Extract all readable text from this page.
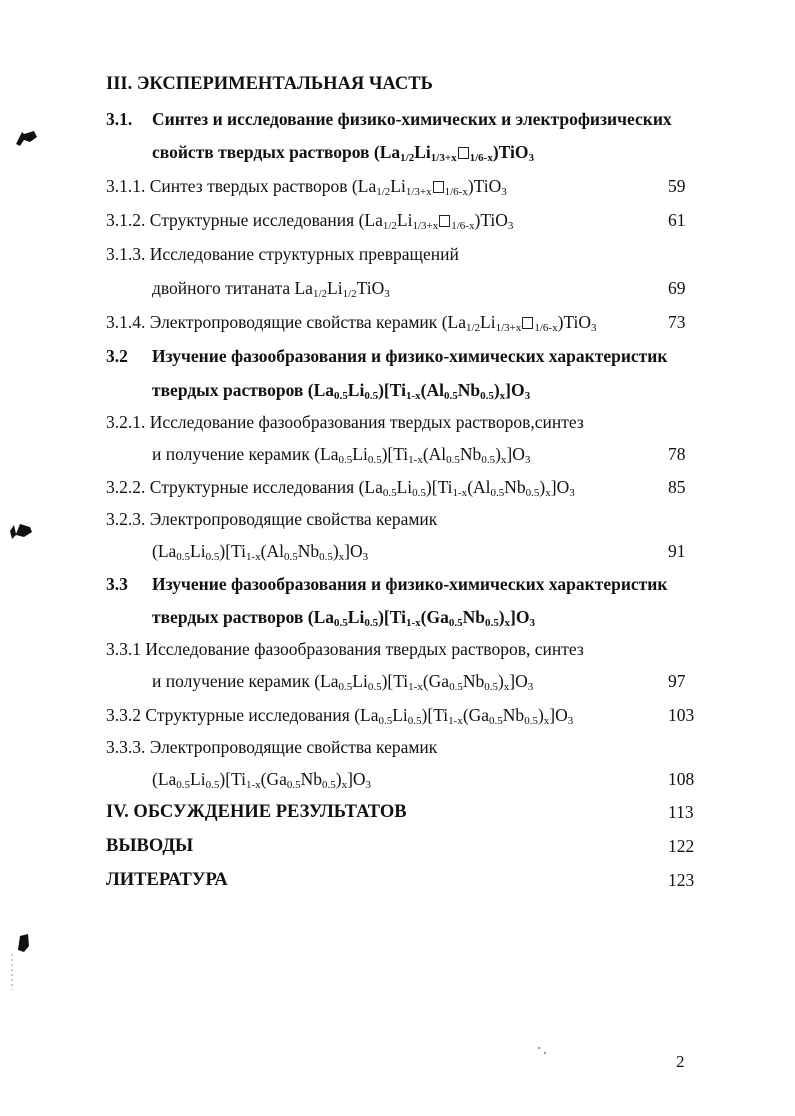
III. ЭКСПЕРИМЕНТАЛЬНАЯ ЧАСТЬ
3.1. Синтез и исследование физико-химических и электрофизических
свойств твердых растворов ($La_{1/2}Li_{1/3+x}$ $_{1/6-x}$)TiO$_3$
3.1.1. Синтез твердых растворов ($La_{1/2}Li_{1/3+x}$ $_{1/6-x}$)TiO$_3$	59
3.1.2. Структурные исследования ($La_{1/2}Li_{1/3+x}$ $_{1/6-x}$)TiO$_3$	61
3.1.3. Исследование структурных превращений
двойного титаната $La_{1/2}Li_{1/2}TiO_3$	69
3.1.4. Электропроводящие свойства керамик ($La_{1/2}Li_{1/3+x}$ $_{1/6-x}$)TiO$_3$	73
3.2 Изучение фазообразования и физико-химических характеристик
твердых растворов $(La_{0.5}Li_{0.5})[Ti_{1-x}(Al_{0.5}Nb_{0.5})_x]O_3$
3.2.1. Исследование фазообразования твердых растворов,синтез
и получение керамик $(La_{0.5}Li_{0.5})[Ti_{1-x}(Al_{0.5}Nb_{0.5})_x]O_3$	78
3.2.2. Структурные исследования $(La_{0.5}Li_{0.5})[Ti_{1-x}(Al_{0.5}Nb_{0.5})_x]O_3$	85
3.2.3. Электропроводящие свойства керамик
$(La_{0.5}Li_{0.5})[Ti_{1-x}(Al_{0.5}Nb_{0.5})_x]O_3$	91
3.3 Изучение фазообразования и физико-химических характеристик
твердых растворов $(La_{0.5}Li_{0.5})[Ti_{1-x}(Ga_{0.5}Nb_{0.5})_x]O_3$
3.3.1 Исследование фазообразования твердых растворов, синтез
и получение керамик $(La_{0.5}Li_{0.5})[Ti_{1-x}(Ga_{0.5}Nb_{0.5})_x]O_3$	97
3.3.2 Структурные исследования $(La_{0.5}Li_{0.5})[Ti_{1-x}(Ga_{0.5}Nb_{0.5})_x]O_3$	103
3.3.3. Электропроводящие свойства керамик
$(La_{0.5}Li_{0.5})[Ti_{1-x}(Ga_{0.5}Nb_{0.5})_x]O_3$	108
IV. ОБСУЖДЕНИЕ РЕЗУЛЬТАТОВ	113
ВЫВОДЫ	122
ЛИТЕРАТУРА	123
2
